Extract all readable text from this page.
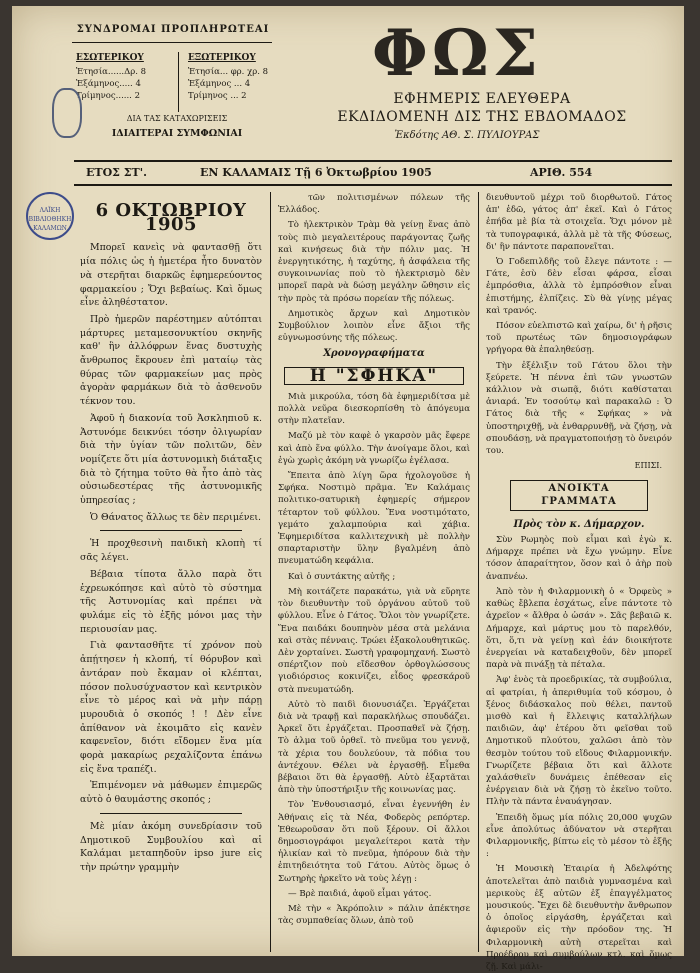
ΣΥΝΔΡΟΜΑΙ ΠΡΟΠΛΗΡΩΤΕΑΙ
ΕΣΩΤΕΡΙΚΟΥ
Ἐτησία......Δρ. 8
Ἑξάμηνος..... 4
Τρίμηνος...... 2
ΕΞΩΤΕΡΙΚΟΥ
Ἐτησία... φρ. χρ. 8
Ἑξάμηνος ... 4
Τρίμηνος ... 2
ΔΙΑ ΤΑΣ ΚΑΤΑΧΩΡΙΣΕΙΣ
ΙΔΙΑΙΤΕΡΑΙ ΣΥΜΦΩΝΙΑΙ
ΛΑΪΚΗ ΒΙΒΛΙΟΘΗΚΗ ΚΑΛΑΜΩΝ
ΦΩΣ
ΕΦΗΜΕΡΙΣ ΕΛΕΥΘΕΡΑ
ΕΚΔΙΔΟΜΕΝΗ ΔΙΣ ΤΗΣ ΕΒΔΟΜΑΔΟΣ
Ἐκδότης ΑΘ. Σ. ΠΥΛΙΟΥΡΑΣ
ΕΤΟΣ ΣΤ'.	ΕΝ ΚΑΛΑΜΑΙΣ Τῇ 6 Ὀκτωβρίου 1905	ΑΡΙΘ. 554
6 ΟΚΤΩΒΡΙΟΥ 1905

Μπορεῖ κανεὶς νὰ φαντασθῇ ὅτι μία πόλις ὡς ἡ ἡμετέρα ἦτο δυνατὸν νὰ στερῆται διαρκῶς ἐφημερεύοντος φαρμακείου ; Ὄχι βεβαίως. Καὶ ὅμως εἶνε ἀληθέστατον.

Πρὸ ἡμερῶν παρέστημεν αὐτόπται μάρτυρες μεταμεσονυκτίου σκηνῆς καθ' ἣν ἀλλόφρων ἕνας δυστυχὴς ἄνθρωπος ἔκρουεν ἐπὶ ματαίῳ τὰς θύρας τῶν φαρμακείων μας πρὸς ἀγορὰν φαρμάκων διὰ τὸ ἀσθενοῦν τέκνον του.

Ἀφοῦ ἡ διακονία τοῦ Ἀσκληπιοῦ κ. Ἀστυνόμε δεικνύει τόσην ὀλιγωρίαν διὰ τὴν ὑγίαν τῶν πολιτῶν, δὲν νομίζετε ὅτι μία ἀστυνομικὴ διάταξις διὰ τὸ ζήτημα τοῦτο θὰ ἦτο ἀπὸ τὰς οὐσιωδεστέρας τῆς ἀστυνομικῆς ὑπηρεσίας ;

Ὁ Θάνατος ἄλλως τε δὲν περιμένει.

Ἡ προχθεσινὴ παιδικὴ κλοπὴ τί σᾶς λέγει.

Βέβαια τίποτα ἄλλο παρὰ ὅτι ἐχρεωκόπησε καὶ αὐτὸ τὸ σύστημα τῆς Ἀστυνομίας καὶ πρέπει νὰ φυλάμε εἰς τὸ ἑξῆς μόνοι μας τὴν περιουσίαν μας.

Γιὰ φαντασθῆτε τί χρόνον ποὺ ἀπῄτησεν ἡ κλοπή, τί θόρυβον καὶ ἀντάραν ποὺ ἔκαμαν οἱ κλέπται, πόσον πολυσύχναστον καὶ κεντρικὸν εἶνε τὸ μέρος καὶ νὰ μὴν πάρῃ μυρουδιὰ ὁ σκοπός ! ! Δὲν εἶνε ἀπίθανον νὰ ἐκοιμᾶτο εἰς κανὲν καφενεῖον, διότι εἴδομεν ἕνα μία φορὰ μακαρίως ρεχαλίζοντα ἐπάνω εἰς ἕνα τραπέζι.

Ἐπιμένομεν νὰ μάθωμεν ἐπιμερῶς αὐτὸ ὁ θαυμάστης σκοπός ;

Μὲ μίαν ἀκόμη συνεδρίασιν τοῦ Δημοτικοῦ Συμβουλίου καὶ αἱ Καλάμαι μεταπηδοῦν ipso jure εἰς τὴν πρώτην γραμμὴν

τῶν πολιτισμένων πόλεων τῆς Ἑλλάδος.

Τὸ ἠλεκτρικὸν Τρὰμ θὰ γείνῃ ἕνας ἀπὸ τοὺς πιὸ μεγαλειτέρους παράγοντας ζωῆς καὶ κινήσεως διὰ τὴν πόλιν μας. Ἡ ἐνεργητικότης, ἡ ταχύτης, ἡ ἀσφάλεια τῆς συγκοινωνίας ποὺ τὸ ἠλεκτρισμὸ δὲν μπορεῖ παρὰ νὰ δώσῃ μεγάλην ὤθησιν εἰς τὴν πρὸς τὰ πρόσω πορείαν τῆς πόλεως.

Δημοτικὸς ἄρχων καὶ Δημοτικὸν Συμβούλιον λοιπὸν εἶνε ἄξιοι τῆς εὐγνωμοσύνης τῆς πόλεως.

Χρονογραφήματα
Η "ΣΦΗΚΑ"

Μιὰ μικρούλα, τόση δὰ ἐφημεριδίτσα μὲ πολλὰ νεῦρα διεσκορπίσθη τὸ ἀπόγευμα στὴν πλατεῖαν.

Μαζύ μὲ τὸν καφὲ ὁ γκαρσὸν μᾶς ἔφερε καὶ ἀπὸ ἕνα φύλλο. Τὴν ἀνοίγαμε ὅλοι, καὶ ἐγὼ χωρὶς ἀκόμη νὰ γνωρίζω ἐγέλασα.

Ἔπειτα ἀπὸ λίγη ὥρα ἠχολογοῦσε ἡ Σφήκα. Νοστιμὸ πρᾶμα. Ἐν Καλάμαις πολιτικο-σατυρικὴ ἐφημερίς σήμερον τέταρτον τοῦ φύλλου. Ἕνα νοστιμότατο, γεμάτο χαλαμπούρια καὶ χάβια. Ἐφημεριδίτσα καλλιτεχνικὴ μὲ πολλὴν σπαρταριστὴν ὕλην βγαλμένη ἀπὸ πνευματώδη κεφάλια.

Καὶ ὁ συντάκτης αὐτῆς ;

Μὴ κοιτάζετε παρακάτω, γιὰ νὰ εὕρητε τὸν διευθυντὴν τοῦ ὀργάνου αὐτοῦ τοῦ φύλλου. Εἶνε ὁ Γάτος. Ὅλοι τὸν γνωρίζετε. Ἕνα παιδάκι δουπηνὸν μέσα στὰ μελάνια καὶ στὰς πένναις. Τρώει ἐξακολουθητικῶς. Δὲν χορταίνει. Σωστὴ γραφομηχανή. Σωστὸ σπέρτζιον ποὺ εἴδεσθον ὀρθογλώσσους γιοδιόρσιος κοκινίζει, εἶδος φρεσκάροῦ στὰ πνευματώδη.

Αὐτὸ τὸ παιδὶ διονυσιάζει. Ἐργάζεται διὰ νὰ τραφῇ καὶ παρακλήλως σπουδάζει. Ἀρκεῖ ὅτι ἐργάζεται. Προσπαθεῖ νὰ ζήσῃ. Τὸ ἀλμα τοῦ ὀρθεῖ. τὸ πνεῦμα του γεννᾷ, τὰ χέρια του δουλεύουν, τὰ πόδια του ἀντέχουν. Θέλει νὰ ἐργασθῇ. Εἶμεθα βέβαιοι ὅτι θὰ ἐργασθῇ. Αὐτὸ ἐξαρτᾶται ἀπὸ τὴν ὑποστήριξιν τῆς κοινωνίας μας.

Τὸν Ἐνθουσιασμό, εἶναι ἐγεννήθη ἐν Ἀθήναις εἰς τὰ Νέα, Φοδερὸς ρεπόρτερ. Ἐθεωροῦσαν ὅτι ποῦ ξέρουν. Οἱ ἄλλοι δημοσιογράφοι μεγαλείτεροι κατὰ τὴν ἡλικίαν καὶ τὸ πνεῦμα, ἠπόρουν διὰ τὴν ἐπιτηδειότητα τοῦ Γάτου. Αὐτὸς ὅμως ὁ Σωτηρὴς ἠρκεῖτο νὰ τοὺς λέγῃ :

— Βρὲ παιδιά, ἀφοῦ εἶμαι γάτος.

Μὲ τὴν « Ἀκρόπολιν » πάλιν ἀπέκτησε τὰς συμπαθείας ὅλων, ἀπὸ τοῦ

διευθυντοῦ μέχρι τοῦ διορθωτοῦ. Γάτος ἀπ' ἐδῶ, γάτος ἀπ' ἐκεῖ. Καὶ ὁ Γάτος ἐπήδα μὲ βία τὰ στοιχεῖα. Ὄχι μόνον μὲ τὰ τυπογραφικά, ἀλλὰ μὲ τὰ τῆς Φύσεως, δι' ἣν πάντοτε παραπονεῖται.

Ὁ Γοδεπιλδῆς τοῦ ἔλεγε πάντοτε : — Γάτε, ἐσὺ δὲν εἶσαι φάρσα, εἶσαι ἐμπρόσθια, ἀλλὰ τὸ ἐμπρόσθιον εἶναι ἐπιστήμης, ἐλπίζεις. Σὺ θὰ γίνῃς μέγας καὶ τρανός.

Πόσον εὐελπιστῶ καὶ χαίρω, δι' ἡ ρῆσις τοῦ πρωτέως τῶν δημοσιογράφων γρήγορα θὰ ἐπαληθεύσῃ.

Τὴν ἐξέλιξιν τοῦ Γάτου ὅλοι τὴν ξεύρετε. Ἡ πέννα ἐπὶ τῶν γνωστῶν κάλλιον νὰ σιωπᾷ, διότι καθίσταται ἀνιαρά. Ἐν τοσούτῳ καὶ παρακαλῶ : Ὁ Γάτος διὰ τῆς « Σφήκας » νὰ ὑποστηριχθῇ, νὰ ἐνθαρρυνθῇ, νὰ ζήσῃ, νὰ σπουδάσῃ, νὰ πραγματοποιήσῃ τὸ ὄνειρόν του.

ΕΠΙΣΙ.
ΑΝΟΙΚΤΑ ΓΡΑΜΜΑΤΑ
Πρὸς τὸν κ. Δήμαρχον.

Σὺν Ρωμηὸς ποὺ εἶμαι καὶ ἐγὼ κ. Δήμαρχε πρέπει νὰ ἔχω γνώμην. Εἶνε τόσον ἀπαραίτητον, ὅσον καὶ ὁ ἀὴρ ποὺ ἀναπνέω.

Ἀπὸ τὸν ἡ Φιλαρμονικὴ ὁ « Ὀρφεὺς » καθὼς ἔβλεπα ἐσχάτως, εἶνε πάντοτε τὸ ἀχρεῖον « ἄλθρα ὁ ὡσάν ». Σᾶς βεβαιῶ κ. Δήμαρχε, καὶ μάρτυς μου τὸ παρελθόν, ὅτι, ὅ,τι νὰ γείνῃ καὶ ἐάν διοικήτοτε ἐνεργείαι νὰ καταδειχθοῦν, δὲν μπορεῖ παρὰ νὰ πινάξῃ τὰ πέταλα.

Ἀφ' ἑνὸς τὰ προεδρικίας, τὰ συμβούλια, αἱ φατρίαι, ἡ ἀπεριθυμία τοῦ κόσμου, ὁ ξένος διδάσκαλος ποὺ θέλει, παντοῦ μισθὸ καὶ ἡ ἔλλειψις καταλλήλων παιδιῶν, ἀφ' ἑτέρου ὅτι φεῖσθαι τοῦ Δημοτικοῦ πλούτου, χαλῶσι ἀπὸ τὸν θεσμὸν τούτου τοῦ εἴδους Φιλαρμονικήν. Γνωρίζετε βέβαια ὅτι καὶ ἄλλοτε χαλάσθιεῖν δυνάμεις ἐπέθεσαν εἰς ἐνέργειαν διὰ νὰ ζήσῃ τὸ ἐκεῖνο τοῦτο. Πλὴν τὰ πάντα ἐναυάγησαν.

Ἐπειδὴ ὅμως μία πόλις 20,000 ψυχῶν εἶνε ἀπολύτως ἀδύνατον νὰ στερῆται Φιλαρμονικῆς, βίπτω εἰς τὸ μέσον τὸ ἑξῆς :

Ἡ Μουσικὴ Ἑταιρία ἡ Ἀδελφότης ἀποτελεῖται ἀπὸ παιδιὰ γυμνασμένα καὶ μερικοὺς ἐξ αὐτῶν ἐξ ἐπαγγέλματος μουσικούς. Ἔχει δὲ διευθυντὴν ἄνθρωπον ὁ ὁποῖος εἰργάσθη, ἐργάζεται καὶ ἀφιεροῦν εἰς τὴν πρόοδον της. Ἡ Φιλαρμονικὴ αὐτὴ στερεῖται καὶ Προέδρου καὶ συμβούλων κτλ. καὶ ὅμως ζῇ. Καὶ μάλι-
